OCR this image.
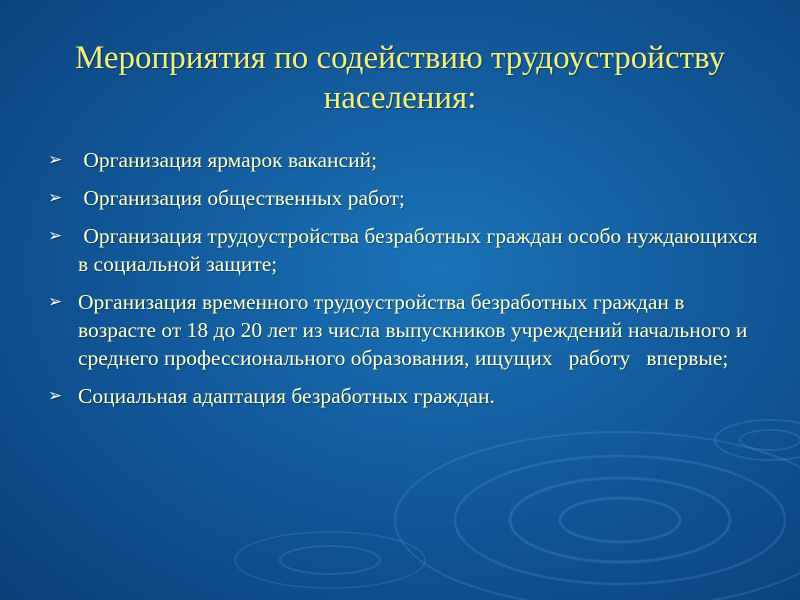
Мероприятия по содействию трудоустройству населения:
➢ Организация ярмарок вакансий;
➢ Организация общественных работ;
➢ Организация трудоустройства безработных граждан особо нуждающихся в социальной защите;
➢ Организация временного трудоустройства безработных граждан в возрасте от 18 до 20 лет из числа выпускников учреждений начального и среднего профессионального образования, ищущих   работу   впервые;
➢ Социальная адаптация безработных граждан.
